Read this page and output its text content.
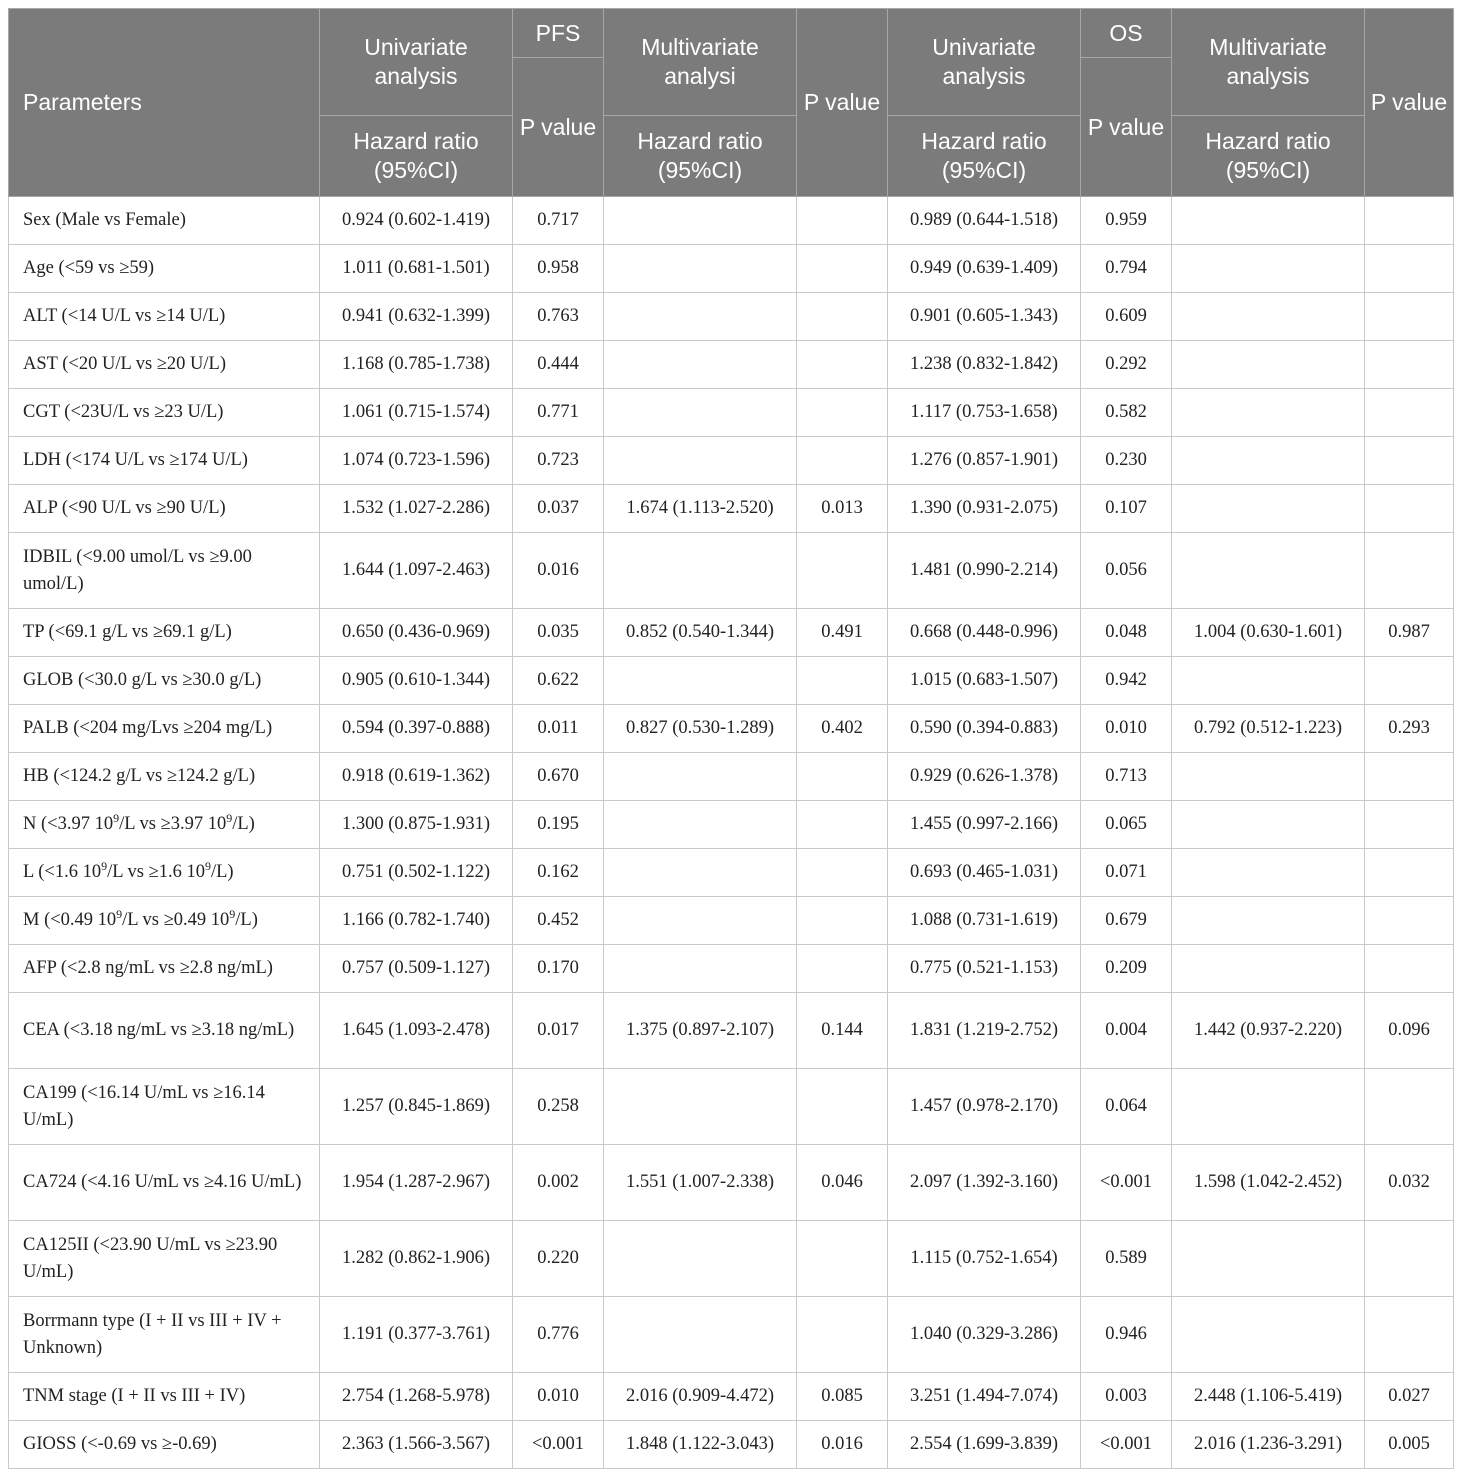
Parameters	Univariate analysis	PFS	Multivariate analysi	P value	Univariate analysis	OS	Multivariate analysis	P value
		P value				P value		
	Hazard ratio (95%CI)		Hazard ratio (95%CI)		Hazard ratio (95%CI)		Hazard ratio (95%CI)	
Sex (Male vs Female)	0.924 (0.602-1.419)	0.717			0.989 (0.644-1.518)	0.959		
Age (<59 vs ≥59)	1.011 (0.681-1.501)	0.958			0.949 (0.639-1.409)	0.794		
ALT (<14 U/L vs ≥14 U/L)	0.941 (0.632-1.399)	0.763			0.901 (0.605-1.343)	0.609		
AST (<20 U/L vs ≥20 U/L)	1.168 (0.785-1.738)	0.444			1.238 (0.832-1.842)	0.292		
CGT (<23U/L vs ≥23 U/L)	1.061 (0.715-1.574)	0.771			1.117 (0.753-1.658)	0.582		
LDH (<174 U/L vs ≥174 U/L)	1.074 (0.723-1.596)	0.723			1.276 (0.857-1.901)	0.230		
ALP (<90 U/L vs ≥90 U/L)	1.532 (1.027-2.286)	0.037	1.674 (1.113-2.520)	0.013	1.390 (0.931-2.075)	0.107		
IDBIL (<9.00 umol/L vs ≥9.00 umol/L)	1.644 (1.097-2.463)	0.016			1.481 (0.990-2.214)	0.056		
TP (<69.1 g/L vs ≥69.1 g/L)	0.650 (0.436-0.969)	0.035	0.852 (0.540-1.344)	0.491	0.668 (0.448-0.996)	0.048	1.004 (0.630-1.601)	0.987
GLOB (<30.0 g/L vs ≥30.0 g/L)	0.905 (0.610-1.344)	0.622			1.015 (0.683-1.507)	0.942		
PALB (<204 mg/Lvs ≥204 mg/L)	0.594 (0.397-0.888)	0.011	0.827 (0.530-1.289)	0.402	0.590 (0.394-0.883)	0.010	0.792 (0.512-1.223)	0.293
HB (<124.2 g/L vs ≥124.2 g/L)	0.918 (0.619-1.362)	0.670			0.929 (0.626-1.378)	0.713		
N (<3.97 $10^9/L$ vs ≥3.97 $10^9/L$)	1.300 (0.875-1.931)	0.195			1.455 (0.997-2.166)	0.065		
L (<1.6 $10^9/L$ vs ≥1.6 $10^9/L$)	0.751 (0.502-1.122)	0.162			0.693 (0.465-1.031)	0.071		
M (<0.49 $10^9/L$ vs ≥0.49 $10^9/L$)	1.166 (0.782-1.740)	0.452			1.088 (0.731-1.619)	0.679		
AFP (<2.8 ng/mL vs ≥2.8 ng/mL)	0.757 (0.509-1.127)	0.170			0.775 (0.521-1.153)	0.209		
CEA (<3.18 ng/mL vs ≥3.18 ng/mL)	1.645 (1.093-2.478)	0.017	1.375 (0.897-2.107)	0.144	1.831 (1.219-2.752)	0.004	1.442 (0.937-2.220)	0.096
CA199 (<16.14 U/mL vs ≥16.14 U/mL)	1.257 (0.845-1.869)	0.258			1.457 (0.978-2.170)	0.064		
CA724 (<4.16 U/mL vs ≥4.16 U/mL)	1.954 (1.287-2.967)	0.002	1.551 (1.007-2.338)	0.046	2.097 (1.392-3.160)	<0.001	1.598 (1.042-2.452)	0.032
CA125II (<23.90 U/mL vs ≥23.90 U/mL)	1.282 (0.862-1.906)	0.220			1.115 (0.752-1.654)	0.589		
Borrmann type (I + II vs III + IV + Unknown)	1.191 (0.377-3.761)	0.776			1.040 (0.329-3.286)	0.946		
TNM stage (I + II vs III + IV)	2.754 (1.268-5.978)	0.010	2.016 (0.909-4.472)	0.085	3.251 (1.494-7.074)	0.003	2.448 (1.106-5.419)	0.027
GIOSS (<-0.69 vs ≥-0.69)	2.363 (1.566-3.567)	<0.001	1.848 (1.122-3.043)	0.016	2.554 (1.699-3.839)	<0.001	2.016 (1.236-3.291)	0.005
